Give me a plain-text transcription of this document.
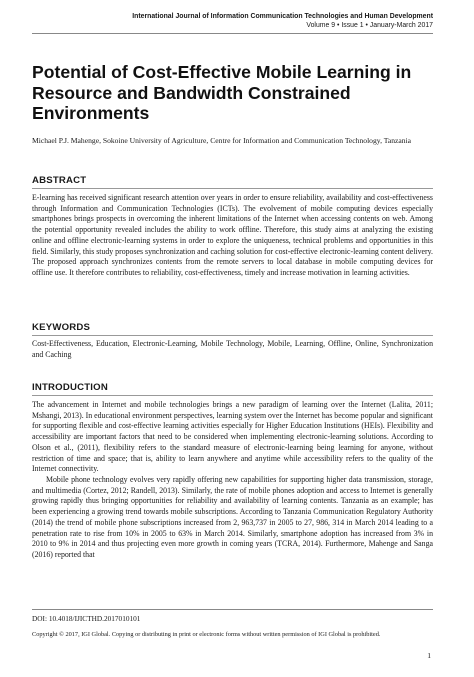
International Journal of Information Communication Technologies and Human Development
Volume 9 • Issue 1 • January-March 2017
Potential of Cost-Effective Mobile Learning in Resource and Bandwidth Constrained Environments
Michael P.J. Mahenge, Sokoine University of Agriculture, Centre for Information and Communication Technology, Tanzania
ABSTRACT

E-learning has received significant research attention over years in order to ensure reliability, availability and cost-effectiveness through Information and Communication Technologies (ICTs). The evolvement of mobile computing devices especially smartphones brings prospects in overcoming the inherent limitations of the Internet when accessing contents on web. Among the potential opportunity revealed includes the ability to work offline. Therefore, this study aims at analyzing the existing online and offline electronic-learning systems in order to explore the uniqueness, technical problems and opportunities in this field. Similarly, this study proposes synchronization and caching solution for cost-effective electronic-learning content delivery. The proposed approach synchronizes contents from the remote servers to local database in mobile computing devices for offline use. It therefore contributes to reliability, cost-effectiveness, timely and increase motivation in learning activities.

KEYWORDS
Cost-Effectiveness, Education, Electronic-Learning, Mobile Technology, Mobile, Learning, Offline, Online, Synchronization and Caching
INTRODUCTION

The advancement in Internet and mobile technologies brings a new paradigm of learning over the Internet (Lalita, 2011; Mshangi, 2013). In educational environment perspectives, learning system over the Internet has become popular and significant for supporting flexible and cost-effective learning activities especially for Higher Education Institutions (HEIs). Flexibility and accessibility are important factors that need to be considered when implementing electronic-learning solutions. According to Olson et al., (2011), flexibility refers to the standard measure of electronic-learning being learning for anyone, without restriction of time and space; that is, ability to learn anywhere and anytime while accessibility refers to the quality of the Internet connectivity.

Mobile phone technology evolves very rapidly offering new capabilities for supporting higher data transmission, storage, and multimedia (Cortez, 2012; Randell, 2013). Similarly, the rate of mobile phones adoption and access to Internet is generally growing rapidly thus bringing opportunities for reliability and availability of learning contents. Tanzania as an example; has been experiencing a growing trend towards mobile subscriptions. According to Tanzania Communication Regulatory Authority (2014) the trend of mobile phone subscriptions increased from 2, 963,737 in 2005 to 27, 986, 314 in March 2014 leading to a penetration rate to rise from 10% in 2005 to 63% in March 2014. Similarly, smartphone adoption has increased from 3% in 2010 to 9% in 2014 and thus projecting even more growth in coming years (TCRA, 2014). Furthermore, Mahenge and Sanga (2016) reported that

DOI: 10.4018/IJICTHD.2017010101
Copyright © 2017, IGI Global. Copying or distributing in print or electronic forms without written permission of IGI Global is prohibited.
1
